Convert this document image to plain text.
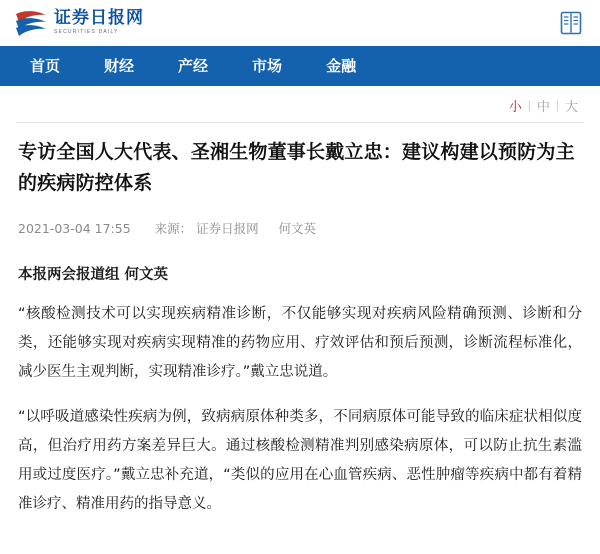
证券日报网
SECURITIES DAILY
首页	财经	产经	市场	金融
小 | 中 | 大
专访全国人大代表、圣湘生物董事长戴立忠：建议构建以预防为主的疾病防控体系
2021-03-04 17:55 来源： 证券日报网 何文英
本报两会报道组 何文英

“核酸检测技术可以实现疾病精准诊断，不仅能够实现对疾病风险精确预测、诊断和分类，还能够实现对疾病实现精准的药物应用、疗效评估和预后预测，诊断流程标准化，减少医生主观判断，实现精准诊疗。”戴立忠说道。

“以呼吸道感染性疾病为例，致病病原体种类多，不同病原体可能导致的临床症状相似度高，但治疗用药方案差异巨大。通过核酸检测精准判别感染病原体，可以防止抗生素滥用或过度医疗。”戴立忠补充道，“类似的应用在心血管疾病、恶性肿瘤等疾病中都有着精准诊疗、精准用药的指导意义。
